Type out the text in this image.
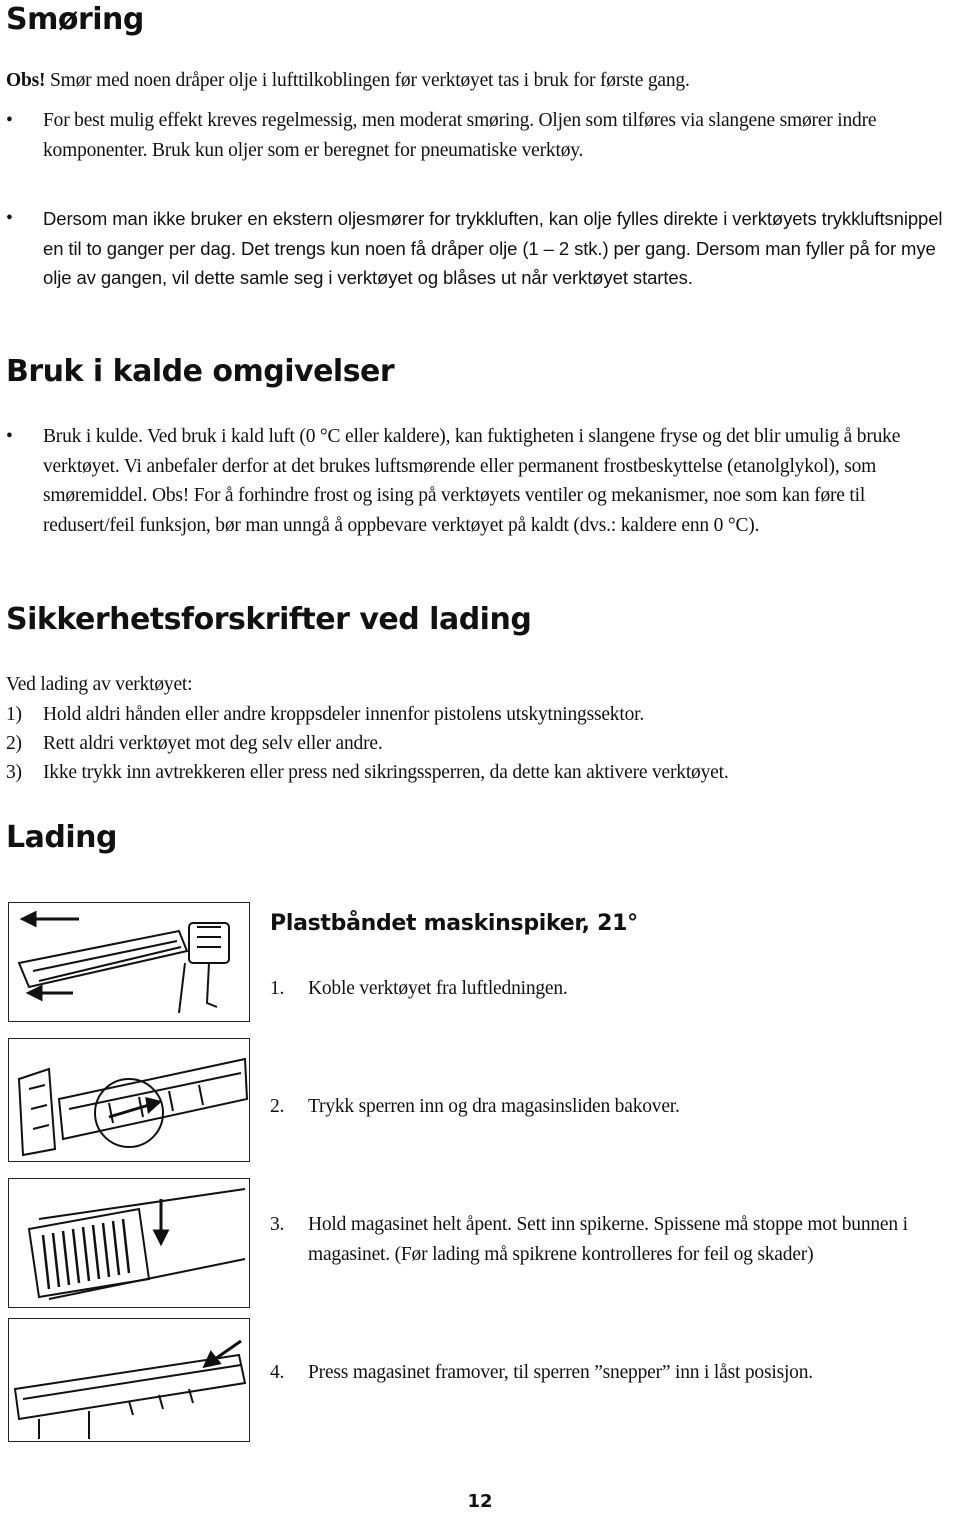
Smøring

Obs! Smør med noen dråper olje i lufttilkoblingen før verktøyet tas i bruk for første gang.

• For best mulig effekt kreves regelmessig, men moderat smøring. Oljen som tilføres via slangene smører indre komponenter. Bruk kun oljer som er beregnet for pneumatiske verktøy.
• Dersom man ikke bruker en ekstern oljesmører for trykkluften, kan olje fylles direkte i verktøyets trykkluftsnippel en til to ganger per dag. Det trengs kun noen få dråper olje (1 – 2 stk.) per gang. Dersom man fyller på for mye olje av gangen, vil dette samle seg i verktøyet og blåses ut når verktøyet startes.
Bruk i kalde omgivelser
• Bruk i kulde. Ved bruk i kald luft (0 °C eller kaldere), kan fuktigheten i slangene fryse og det blir umulig å bruke verktøyet. Vi anbefaler derfor at det brukes luftsmørende eller permanent frostbeskyttelse (etanolglykol), som smøremiddel. Obs! For å forhindre frost og ising på verktøyets ventiler og mekanismer, noe som kan føre til redusert/feil funksjon, bør man unngå å oppbevare verktøyet på kaldt (dvs.: kaldere enn 0 °C).
Sikkerhetsforskrifter ved lading

Ved lading av verktøyet:

1) Hold aldri hånden eller andre kroppsdeler innenfor pistolens utskytningssektor.
2) Rett aldri verktøyet mot deg selv eller andre.
3) Ikke trykk inn avtrekkeren eller press ned sikringssperren, da dette kan aktivere verktøyet.
Lading
Plastbåndet maskinspiker, 21°
1. Koble verktøyet fra luftledningen.
2. Trykk sperren inn og dra magasinsliden bakover.
3. Hold magasinet helt åpent. Sett inn spikerne. Spissene må stoppe mot bunnen i magasinet. (Før lading må spikrene kontrolleres for feil og skader)
4. Press magasinet framover, til sperren ”snepper” inn i låst posisjon.
12
